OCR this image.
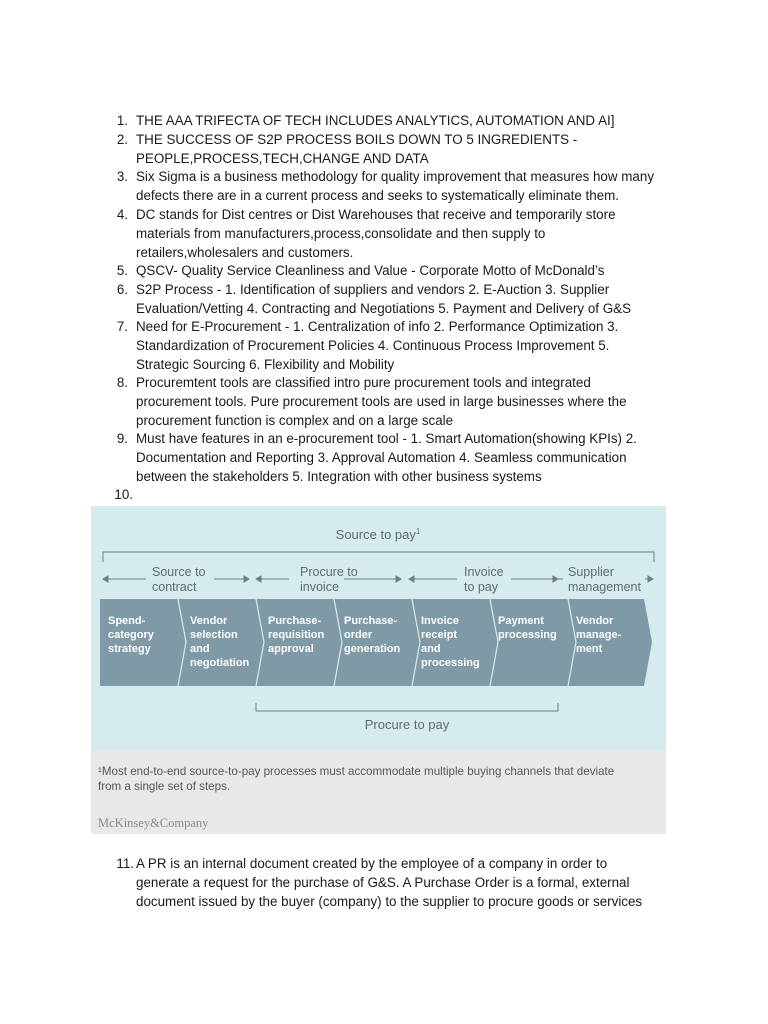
1. THE AAA TRIFECTA OF TECH INCLUDES ANALYTICS, AUTOMATION AND AI]
2. THE SUCCESS OF S2P PROCESS BOILS DOWN TO 5 INGREDIENTS -
PEOPLE,PROCESS,TECH,CHANGE AND DATA
3. Six Sigma is a business methodology for quality improvement that measures how many
defects there are in a current process and seeks to systematically eliminate them.
4. DC stands for Dist centres or Dist Warehouses that receive and temporarily store
materials from manufacturers,process,consolidate and then supply to
retailers,wholesalers and customers.
5. QSCV- Quality Service Cleanliness and Value - Corporate Motto of McDonald’s
6. S2P Process - 1. Identification of suppliers and vendors 2. E-Auction 3. Supplier
Evaluation/Vetting 4. Contracting and Negotiations 5. Payment and Delivery of G&S
7. Need for E-Procurement - 1. Centralization of info 2. Performance Optimization 3.
Standardization of Procurement Policies 4. Continuous Process Improvement 5.
Strategic Sourcing 6. Flexibility and Mobility
8. Procuremtent tools are classified intro pure procurement tools and integrated
procurement tools. Pure procurement tools are used in large businesses where the
procurement function is complex and on a large scale
9. Must have features in an e-procurement tool - 1. Smart Automation(showing KPIs) 2.
Documentation and Reporting 3. Approval Automation 4. Seamless communication
between the stakeholders 5. Integration with other business systems
10.
11. A PR is an internal document created by the employee of a company in order to
generate a request for the purchase of G&S. A Purchase Order is a formal, external
document issued by the buyer (company) to the supplier to procure goods or services
Source to pay$^1$
Source to
contract
Procure to
invoice
Invoice
to pay
Supplier
management
Spend-
category
strategy
Vendor
selection
and
negotiation
Purchase-
requisition
approval
Purchase-
order
generation
Invoice
receipt
and
processing
Payment
processing
Vendor
manage-
ment
Procure to pay
¹Most end-to-end source-to-pay processes must accommodate multiple buying channels that deviate
from a single set of steps.
McKinsey&Company
